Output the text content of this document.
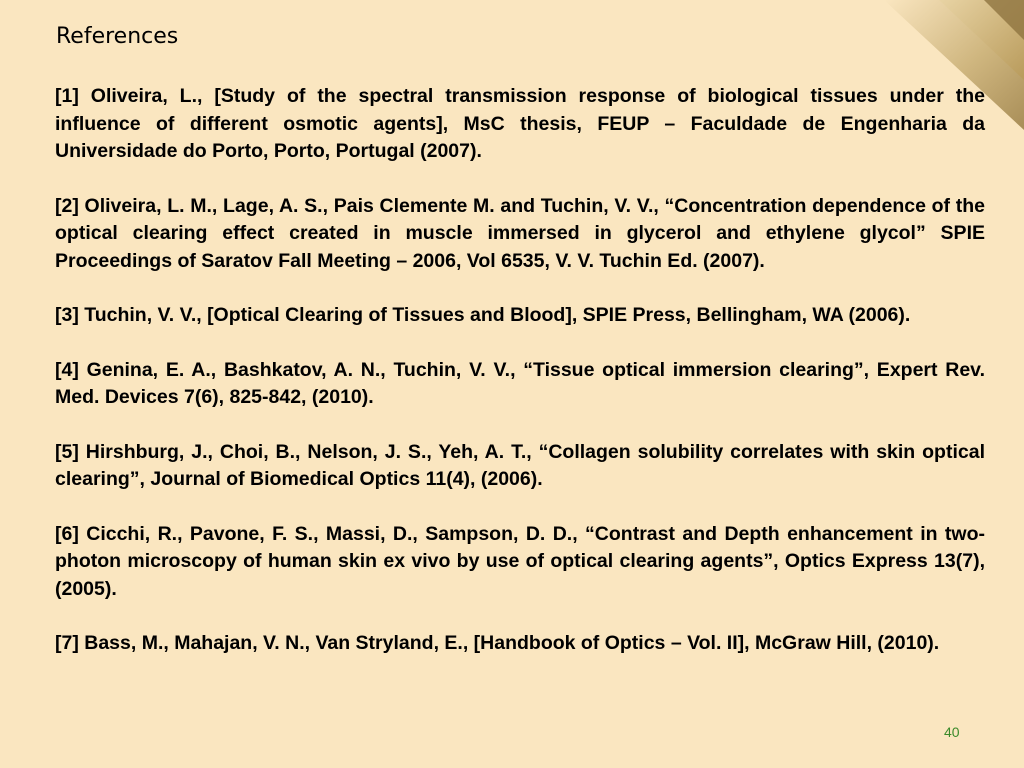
References

[1] Oliveira, L., [Study of the spectral transmission response of biological tissues under the influence of different osmotic agents], MsC thesis, FEUP – Faculdade de Engenharia da Universidade do Porto, Porto, Portugal (2007).

[2] Oliveira, L. M., Lage, A. S., Pais Clemente M. and Tuchin, V. V., “Concentration dependence of the optical clearing effect created in muscle immersed in glycerol and ethylene glycol” SPIE Proceedings of Saratov Fall Meeting – 2006, Vol 6535, V. V. Tuchin Ed. (2007).

[3] Tuchin, V. V., [Optical Clearing of Tissues and Blood], SPIE Press, Bellingham, WA (2006).

[4] Genina, E. A., Bashkatov, A. N., Tuchin, V. V., “Tissue optical immersion clearing”, Expert Rev. Med. Devices 7(6), 825-842, (2010).

[5] Hirshburg, J., Choi, B., Nelson, J. S., Yeh, A. T., “Collagen solubility correlates with skin optical clearing”, Journal of Biomedical Optics 11(4), (2006).

[6] Cicchi, R., Pavone, F. S., Massi, D., Sampson, D. D., “Contrast and Depth enhancement in two-photon microscopy of human skin ex vivo by use of optical clearing agents”, Optics Express 13(7), (2005).

[7] Bass, M., Mahajan, V. N., Van Stryland, E., [Handbook of Optics – Vol. II], McGraw Hill, (2010).

40
